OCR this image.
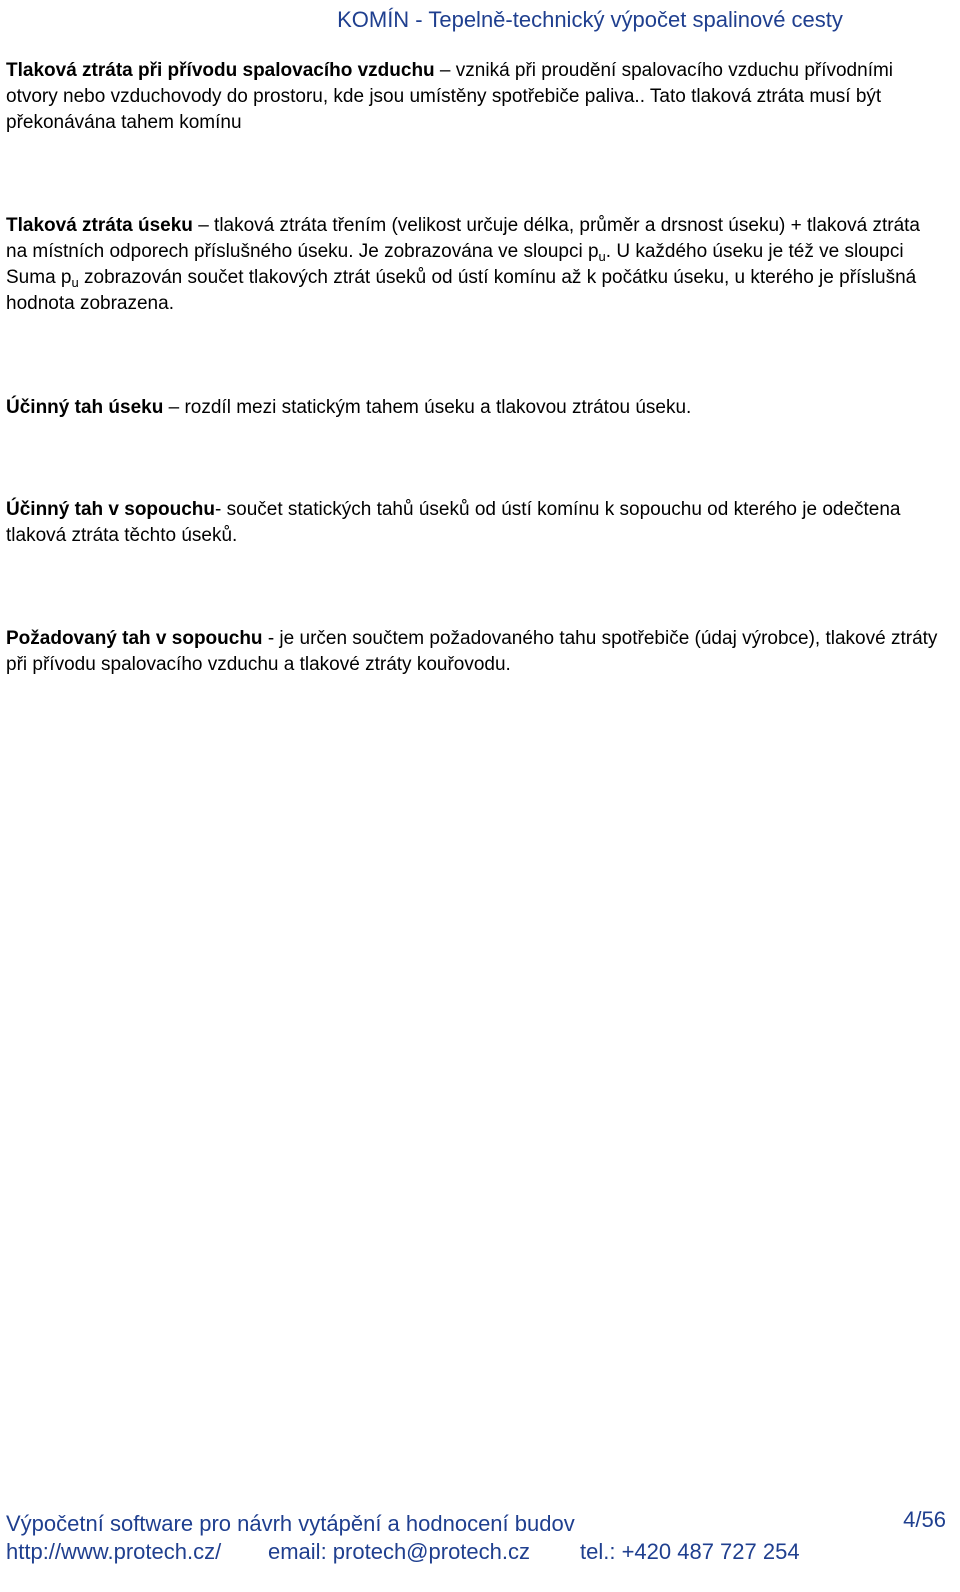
KOMÍN - Tepelně-technický výpočet spalinové cesty

Tlaková ztráta při přívodu spalovacího vzduchu – vzniká při proudění spalovacího vzduchu přívodními otvory nebo vzduchovody do prostoru, kde jsou umístěny spotřebiče paliva.. Tato tlaková ztráta musí být překonávána tahem komínu

Tlaková ztráta úseku – tlaková ztráta třením (velikost určuje délka, průměr a drsnost úseku) + tlaková ztráta na místních odporech příslušného úseku. Je zobrazována ve sloupci $p_u$. U každého úseku je též ve sloupci Suma $p_u$ zobrazován součet tlakových ztrát úseků od ústí komínu až k počátku úseku, u kterého je příslušná hodnota zobrazena.

Účinný tah úseku – rozdíl mezi statickým tahem úseku a tlakovou ztrátou úseku.

Účinný tah v sopouchu- součet statických tahů úseků od ústí komínu k sopouchu od kterého je odečtena tlaková ztráta těchto úseků.

Požadovaný tah v sopouchu - je určen součtem požadovaného tahu spotřebiče (údaj výrobce), tlakové ztráty při přívodu spalovacího vzduchu a tlakové ztráty kouřovodu.

Výpočetní software pro návrh vytápění a hodnocení budov	4/56
http://www.protech.cz/ email: protech@protech.cz tel.: +420 487 727 254
